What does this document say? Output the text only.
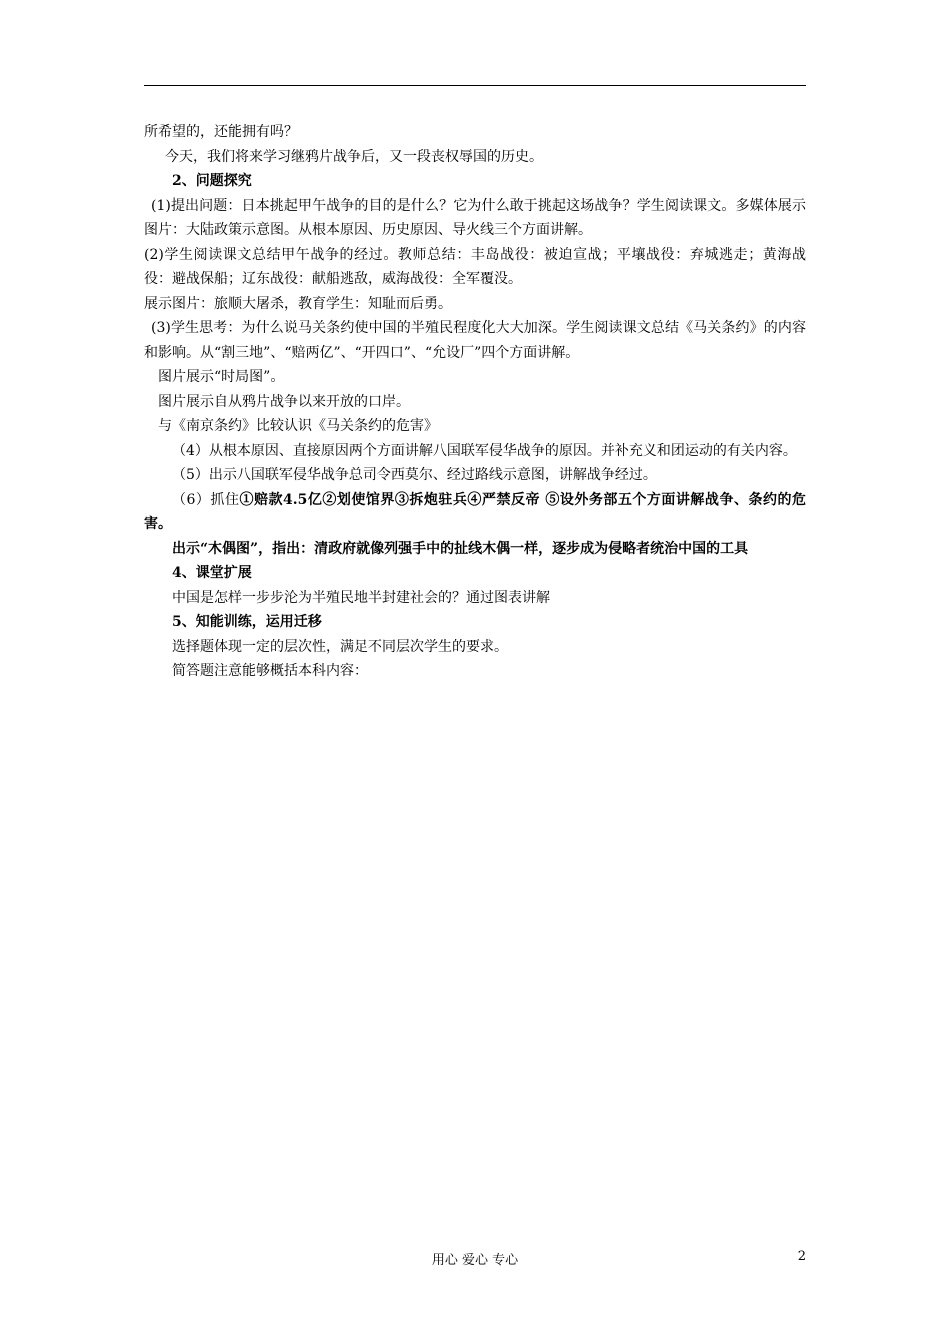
所希望的，还能拥有吗？

今天，我们将来学习继鸦片战争后，又一段丧权辱国的历史。

2、问题探究

(1)提出问题：日本挑起甲午战争的目的是什么？它为什么敢于挑起这场战争？学生阅读课文。多媒体展示图片：大陆政策示意图。从根本原因、历史原因、导火线三个方面讲解。

(2)学生阅读课文总结甲午战争的经过。教师总结：丰岛战役：被迫宣战；平壤战役：弃城逃走；黄海战役：避战保船；辽东战役：献船逃敌，威海战役：全军覆没。

展示图片：旅顺大屠杀，教育学生：知耻而后勇。

(3)学生思考：为什么说马关条约使中国的半殖民程度化大大加深。学生阅读课文总结《马关条约》的内容和影响。从“割三地”、“赔两亿”、“开四口”、“允设厂”四个方面讲解。

图片展示“时局图”。

图片展示自从鸦片战争以来开放的口岸。

与《南京条约》比较认识《马关条约的危害》

（4）从根本原因、直接原因两个方面讲解八国联军侵华战争的原因。并补充义和团运动的有关内容。

（5）出示八国联军侵华战争总司令西莫尔、经过路线示意图，讲解战争经过。

（6）抓住①赔款4.5亿②划使馆界③拆炮驻兵④严禁反帝 ⑤设外务部五个方面讲解战争、条约的危害。

出示“木偶图”，指出：清政府就像列强手中的扯线木偶一样，逐步成为侵略者统治中国的工具

4、课堂扩展

中国是怎样一步步沦为半殖民地半封建社会的？通过图表讲解

5、知能训练，运用迁移

选择题体现一定的层次性，满足不同层次学生的要求。

简答题注意能够概括本科内容：

用心 爱心 专心	2
